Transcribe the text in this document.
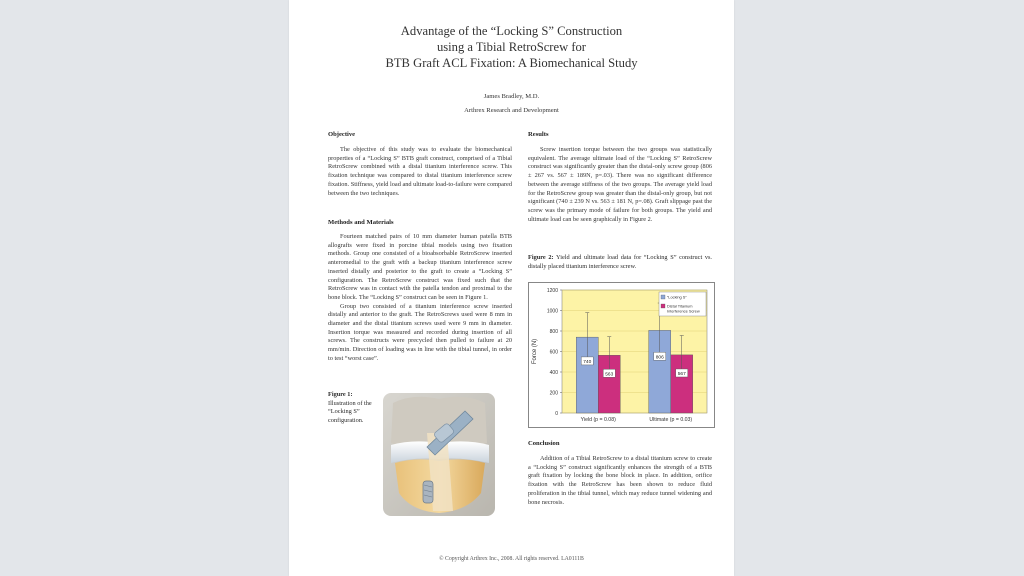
Advantage of the “Locking S” Construction
using a Tibial RetroScrew for
BTB Graft ACL Fixation: A Biomechanical Study
James Bradley, M.D.
Arthrex Research and Development
Objective

The objective of this study was to evaluate the biomechanical properties of a “Locking S” BTB graft construct, comprised of a Tibial RetroScrew combined with a distal titanium interference screw. This fixation technique was compared to distal titanium interference screw fixation. Stiffness, yield load and ultimate load-to-failure were compared between the two techniques.

Methods and Materials

Fourteen matched pairs of 10 mm diameter human patella BTB allografts were fixed in porcine tibial models using two fixation methods. Group one consisted of a bioabsorbable RetroScrew inserted anteromedial to the graft with a backup titanium interference screw inserted distally and posterior to the graft to create a “Locking S” configuration. The RetroScrew construct was fixed such that the RetroScrew was in contact with the patella tendon and proximal to the bone block. The “Locking S” construct can be seen in Figure 1.

Group two consisted of a titanium interference screw inserted distally and anterior to the graft. The RetroScrews used were 8 mm in diameter and the distal titanium screws used were 9 mm in diameter. Insertion torque was measured and recorded during insertion of all screws. The constructs were precycled then pulled to failure at 20 mm/min. Direction of loading was in line with the tibial tunnel, in order to test “worst case”.

Figure 1:
Illustration of the “Locking S” configuration.
Results

Screw insertion torque between the two groups was statistically equivalent. The average ultimate load of the “Locking S” RetroScrew construct was significantly greater than the distal-only screw group (806 ± 267 vs. 567 ± 189N, p=.03). There was no significant difference between the average stiffness of the two groups. The average yield load for the RetroScrew group was greater than the distal-only group, but not significant (740 ± 239 N vs. 563 ± 181 N, p=.08). Graft slippage past the screw was the primary mode of failure for both groups. The yield and ultimate load can be seen graphically in Figure 2.

Figure 2: Yield and ultimate load data for “Locking S” construct vs. distally placed titanium interference screw.
0
200
400
600
800
1000
1200
Force (N)	740
563
Yield (p = 0.08)
806
567
Ultimate (p = 0.03)
“Locking S”
Distal Titanium
Interference Screw
Conclusion

Addition of a Tibial RetroScrew to a distal titanium screw to create a “Locking S” construct significantly enhances the strength of a BTB graft fixation by locking the bone block in place. In addition, orifice fixation with the RetroScrew has been shown to reduce fluid proliferation in the tibial tunnel, which may reduce tunnel widening and bone necrosis.

© Copyright Arthrex Inc., 2008. All rights reserved. LA0111B
